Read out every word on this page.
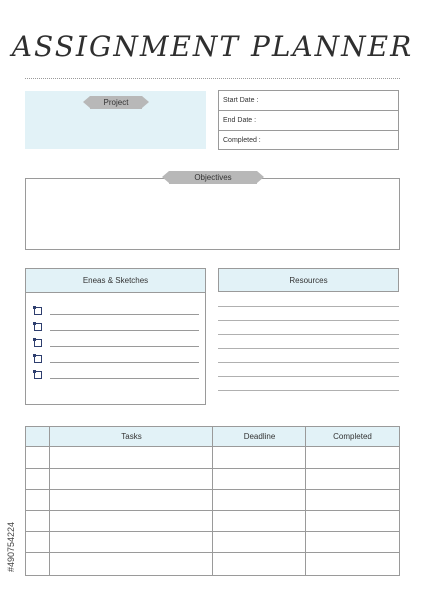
ASSIGNMENT PLANNER
Project	Start Date :
End Date :
Completed :
Objectives
Eneas & Sketches	Resources
Tasks	Deadline	Completed
#490754224
